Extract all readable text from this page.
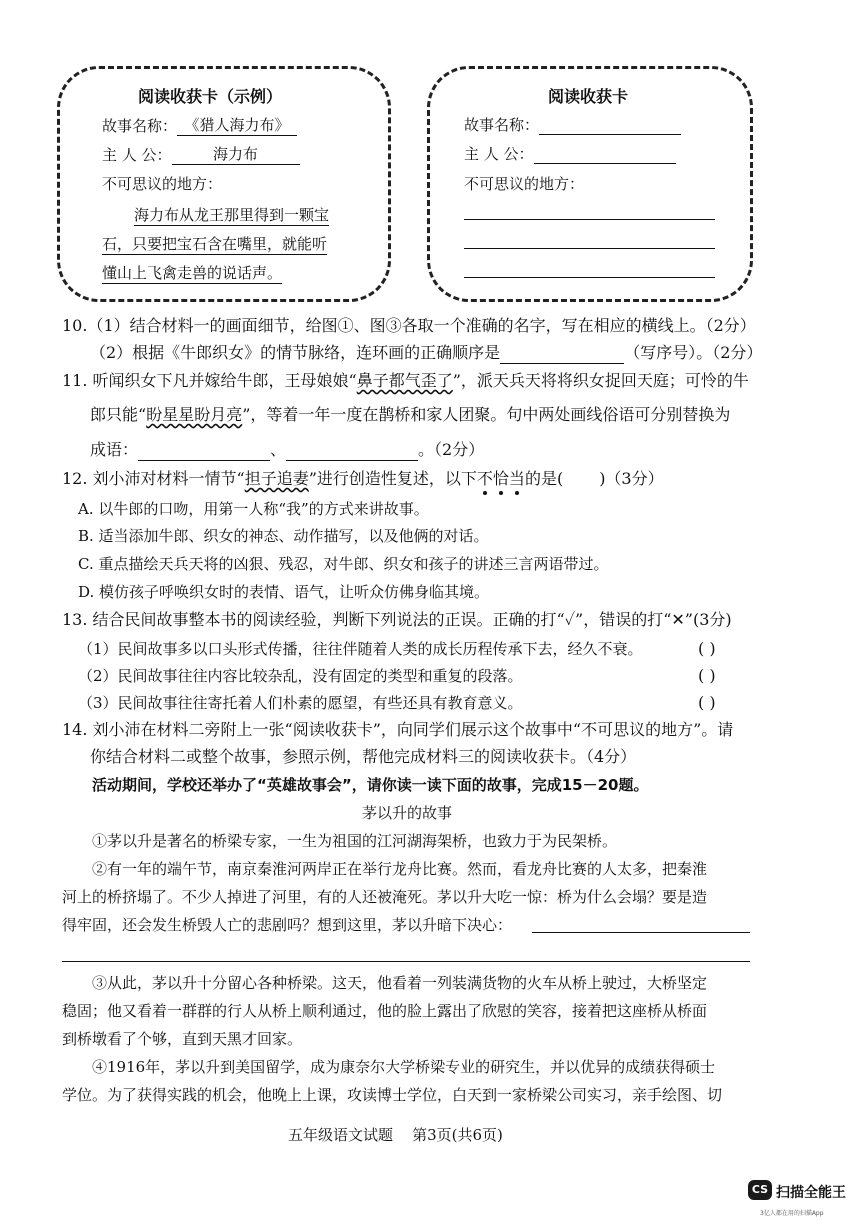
阅读收获卡（示例）
故事名称： 《猎人海力布》
主 人 公：	海力布
不可思议的地方：
海力布从龙王那里得到一颗宝
石，只要把宝石含在嘴里，就能听
懂山上飞禽走兽的说话声。
阅读收获卡
故事名称：
主 人 公：
不可思议的地方：
10.（1）结合材料一的画面细节，给图①、图③各取一个准确的名字，写在相应的横线上。（2分）
（2）根据《牛郎织女》的情节脉络，连环画的正确顺序是	（写序号）。（2分）
11. 听闻织女下凡并嫁给牛郎，王母娘娘“鼻子都气歪了”，派天兵天将将织女捉回天庭；可怜的牛
郎只能“盼星星盼月亮”，等着一年一度在鹊桥和家人团聚。句中两处画线俗语可分别替换为
成语：	、	。（2分）
12. 刘小沛对材料一情节“担子追妻”进行创造性复述，以下不恰当
的是( )（3分）
A. 以牛郎的口吻，用第一人称“我”的方式来讲故事。
B. 适当添加牛郎、织女的神态、动作描写，以及他俩的对话。
C. 重点描绘天兵天将的凶狠、残忍，对牛郎、织女和孩子的讲述三言两语带过。
D. 模仿孩子呼唤织女时的表情、语气，让听众仿佛身临其境。
13. 结合民间故事整本书的阅读经验，判断下列说法的正误。正确的打“✓”，错误的打“✕”(3分)
（1）民间故事多以口头形式传播，往往伴随着人类的成长历程传承下去，经久不衰。	( )
（2）民间故事往往内容比较杂乱，没有固定的类型和重复的段落。	( )
（3）民间故事往往寄托着人们朴素的愿望，有些还具有教育意义。	( )
14. 刘小沛在材料二旁附上一张“阅读收获卡”，向同学们展示这个故事中“不可思议的地方”。请
你结合材料二或整个故事，参照示例，帮他完成材料三的阅读收获卡。（4分）
活动期间，学校还举办了“英雄故事会”，请你读一读下面的故事，完成15－20题。
茅以升的故事
①茅以升是著名的桥梁专家，一生为祖国的江河湖海架桥，也致力于为民架桥。
②有一年的端午节，南京秦淮河两岸正在举行龙舟比赛。然而，看龙舟比赛的人太多，把秦淮
河上的桥挤塌了。不少人掉进了河里，有的人还被淹死。茅以升大吃一惊：桥为什么会塌？要是造
得牢固，还会发生桥毁人亡的悲剧吗？想到这里，茅以升暗下决心：
③从此，茅以升十分留心各种桥梁。这天，他看着一列装满货物的火车从桥上驶过，大桥坚定
稳固；他又看着一群群的行人从桥上顺利通过，他的脸上露出了欣慰的笑容，接着把这座桥从桥面
到桥墩看了个够，直到天黑才回家。
④1916年，茅以升到美国留学，成为康奈尔大学桥梁专业的研究生，并以优异的成绩获得硕士
学位。为了获得实践的机会，他晚上上课，攻读博士学位，白天到一家桥梁公司实习，亲手绘图、切
五年级语文试题    第3页(共6页)
CS 扫描全能王
3亿人都在用的扫描App
